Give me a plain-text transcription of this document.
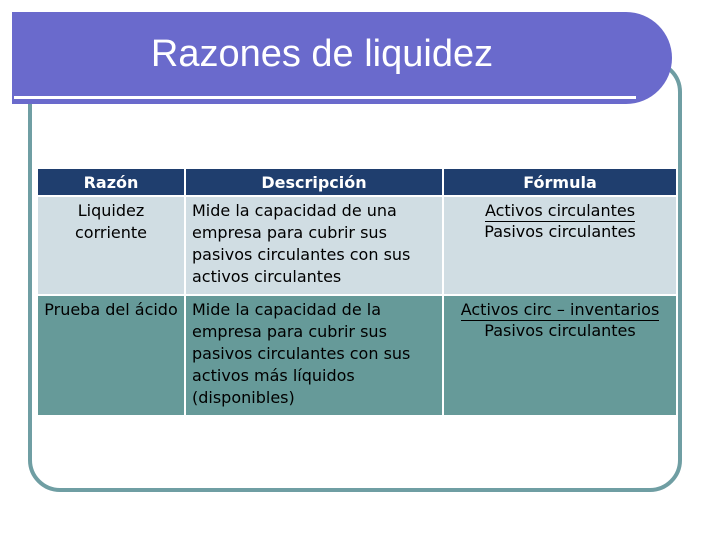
Razones de liquidez
Razón	Descripción	Fórmula
Liquidez corriente	Mide la capacidad de una empresa para cubrir sus pasivos circulantes con sus activos circulantes	Activos circulantes
Pasivos circulantes

Prueba del ácido	Mide la capacidad de la empresa para cubrir sus pasivos circulantes con sus activos más líquidos (disponibles)	Activos circ – inventarios
Pasivos circulantes
